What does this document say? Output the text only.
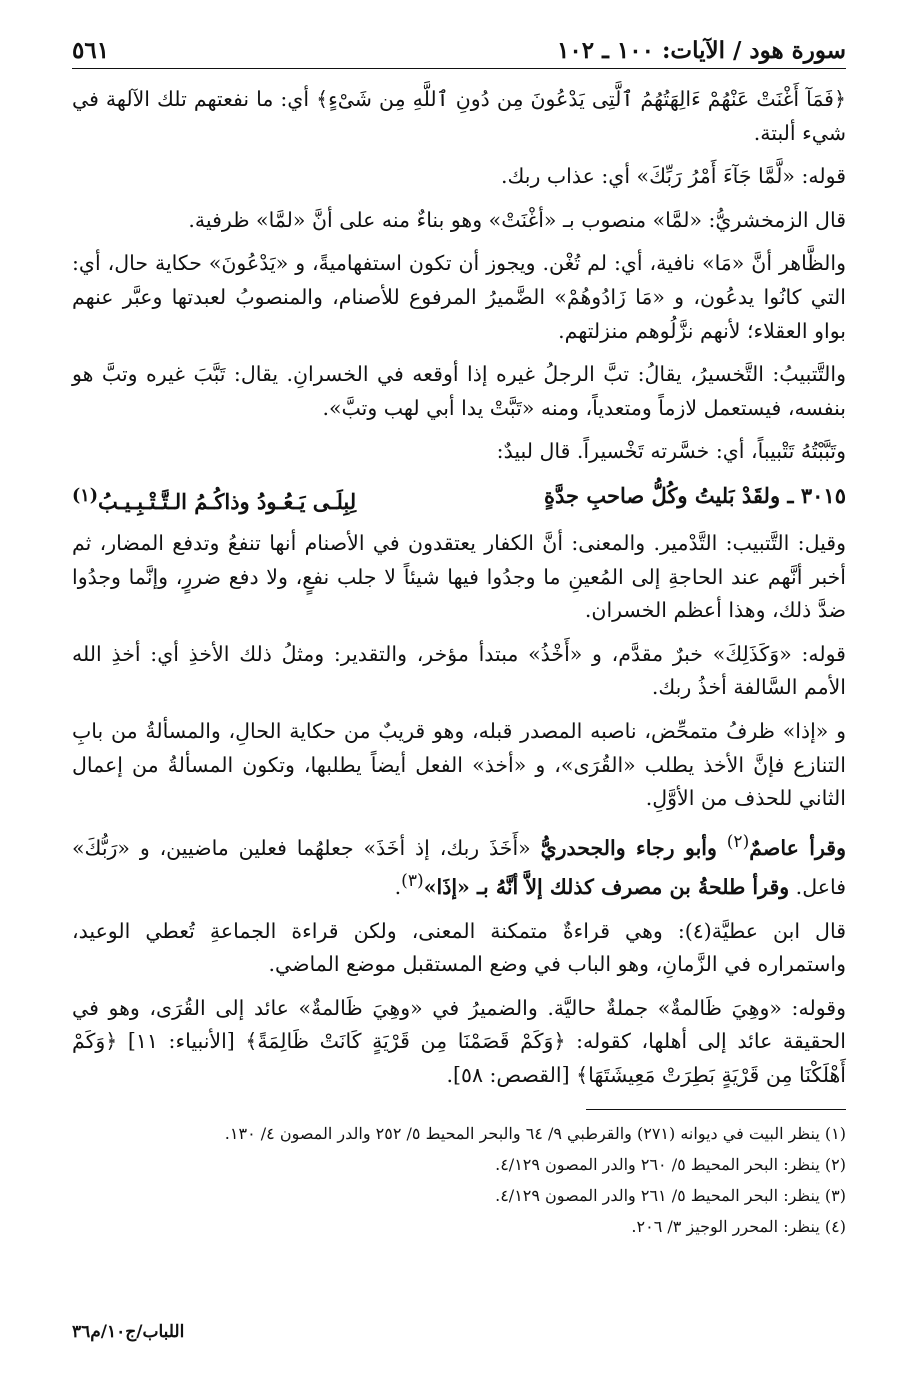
سورة هود / الآيات: ١٠٠ ـ ١٠٢
٥٦١

﴿فَمَآ أَغْنَتْ عَنْهُمْ ءَالِهَتُهُمُ ٱلَّتِى يَدْعُونَ مِن دُونِ ٱللَّهِ مِن شَىْءٍ﴾ أي: ما نفعتهم تلك الآلهة في شيء ألبتة.

قوله: «لَّمَّا جَآءَ أَمْرُ رَبِّكَ» أي: عذاب ربك.

قال الزمخشريُّ: «لمَّا» منصوب بـ «أغْنَتْ» وهو بناءٌ منه على أنَّ «لمَّا» ظرفية.

والظَّاهر أنَّ «مَا» نافية، أي: لم تُغْن. ويجوز أن تكون استفهاميةً، و «يَدْعُونَ» حكاية حال، أي: التي كانُوا يدعُون، و «مَا زَادُوهُمْ» الضَّميرُ المرفوع للأصنام، والمنصوبُ لعبدتها وعبَّر عنهم بواو العقلاء؛ لأنهم نزَّلُوهم منزلتهم.

والتَّتبيبُ: التَّخسيرُ، يقالُ: تبَّ الرجلُ غيره إذا أوقعه في الخسرانِ. يقال: تَبَّبَ غيره وتبَّ هو بنفسه، فيستعمل لازماً ومتعدياً، ومنه «تَبَّتْ يدا أبي لهب وتبَّ».

وتَبَّبْتُهُ تَتْبيباً، أي: خسَّرته تَخْسيراً. قال لبيدٌ:

٣٠١٥ ـ ولقَدْ بَليتُ وكُلُّ صاحبِ جدَّةٍ
لِبِلَـى يَـعُـودُ وذاكُـمُ الـتَّـتْـبِـيـبُ$^{(١)}$

وقيل: التَّتبيب: التَّدْمير. والمعنى: أنَّ الكفار يعتقدون في الأصنام أنها تنفعُ وتدفع المضار، ثم أخبر أنَّهم عند الحاجةِ إلى المُعينِ ما وجدُوا فيها شيئاً لا جلب نفعٍ، ولا دفع ضررٍ، وإنَّما وجدُوا ضدَّ ذلك، وهذا أعظم الخسران.

قوله: «وَكَذَلِكَ» خبرٌ مقدَّم، و «أَخْذُ» مبتدأ مؤخر، والتقدير: ومثلُ ذلك الأخذِ أي: أخذِ الله الأمم السَّالفة أخذُ ربك.

و «إذا» ظرفُ متمحِّض، ناصبه المصدر قبله، وهو قريبٌ من حكاية الحالِ، والمسألةُ من بابِ التنازع فإنَّ الأخذ يطلب «القُرَى»، و «أخذ» الفعل أيضاً يطلبها، وتكون المسألةُ من إعمال الثاني للحذف من الأوَّلِ.

وقرأ عاصمٌ$^{(٢)}$ وأبو رجاء والجحدريُّ «أَخَذَ ربك، إذ أخَذَ» جعلهُما فعلين ماضيين، و «رَبُّكَ» فاعل. وقرأ طلحةُ بن مصرف كذلك إلاَّ أنَّهُ بـ «إذَا»$^{(٣)}$.

قال ابن عطيَّة(٤): وهي قراءةٌ متمكنة المعنى، ولكن قراءة الجماعةِ تُعطي الوعيد، واستمراره في الزَّمانِ، وهو الباب في وضع المستقبل موضع الماضي.

وقوله: «وهِيَ ظَالمةٌ» جملةٌ حاليَّة. والضميرُ في «وهِيَ ظَالمةٌ» عائد إلى القُرَى، وهو في الحقيقة عائد إلى أهلها، كقوله: ﴿وَكَمْ قَصَمْنَا مِن قَرْيَةٍ كَانَتْ ظَالِمَةً﴾ [الأنبياء: ١١] ﴿وَكَمْ أَهْلَكْنَا مِن قَرْيَةٍ بَطِرَتْ مَعِيشَتَهَا﴾ [القصص: ٥٨].

(١) ينظر البيت في ديوانه (٢٧١) والقرطبي ٩/ ٦٤ والبحر المحيط ٥/ ٢٥٢ والدر المصون ٤/ ١٣٠.
(٢) ينظر: البحر المحيط ٥/ ٢٦٠ والدر المصون ٤/١٢٩.
(٣) ينظر: البحر المحيط ٥/ ٢٦١ والدر المصون ٤/١٢٩.
(٤) ينظر: المحرر الوجيز ٣/ ٢٠٦.
اللباب/ج١٠/م٣٦
